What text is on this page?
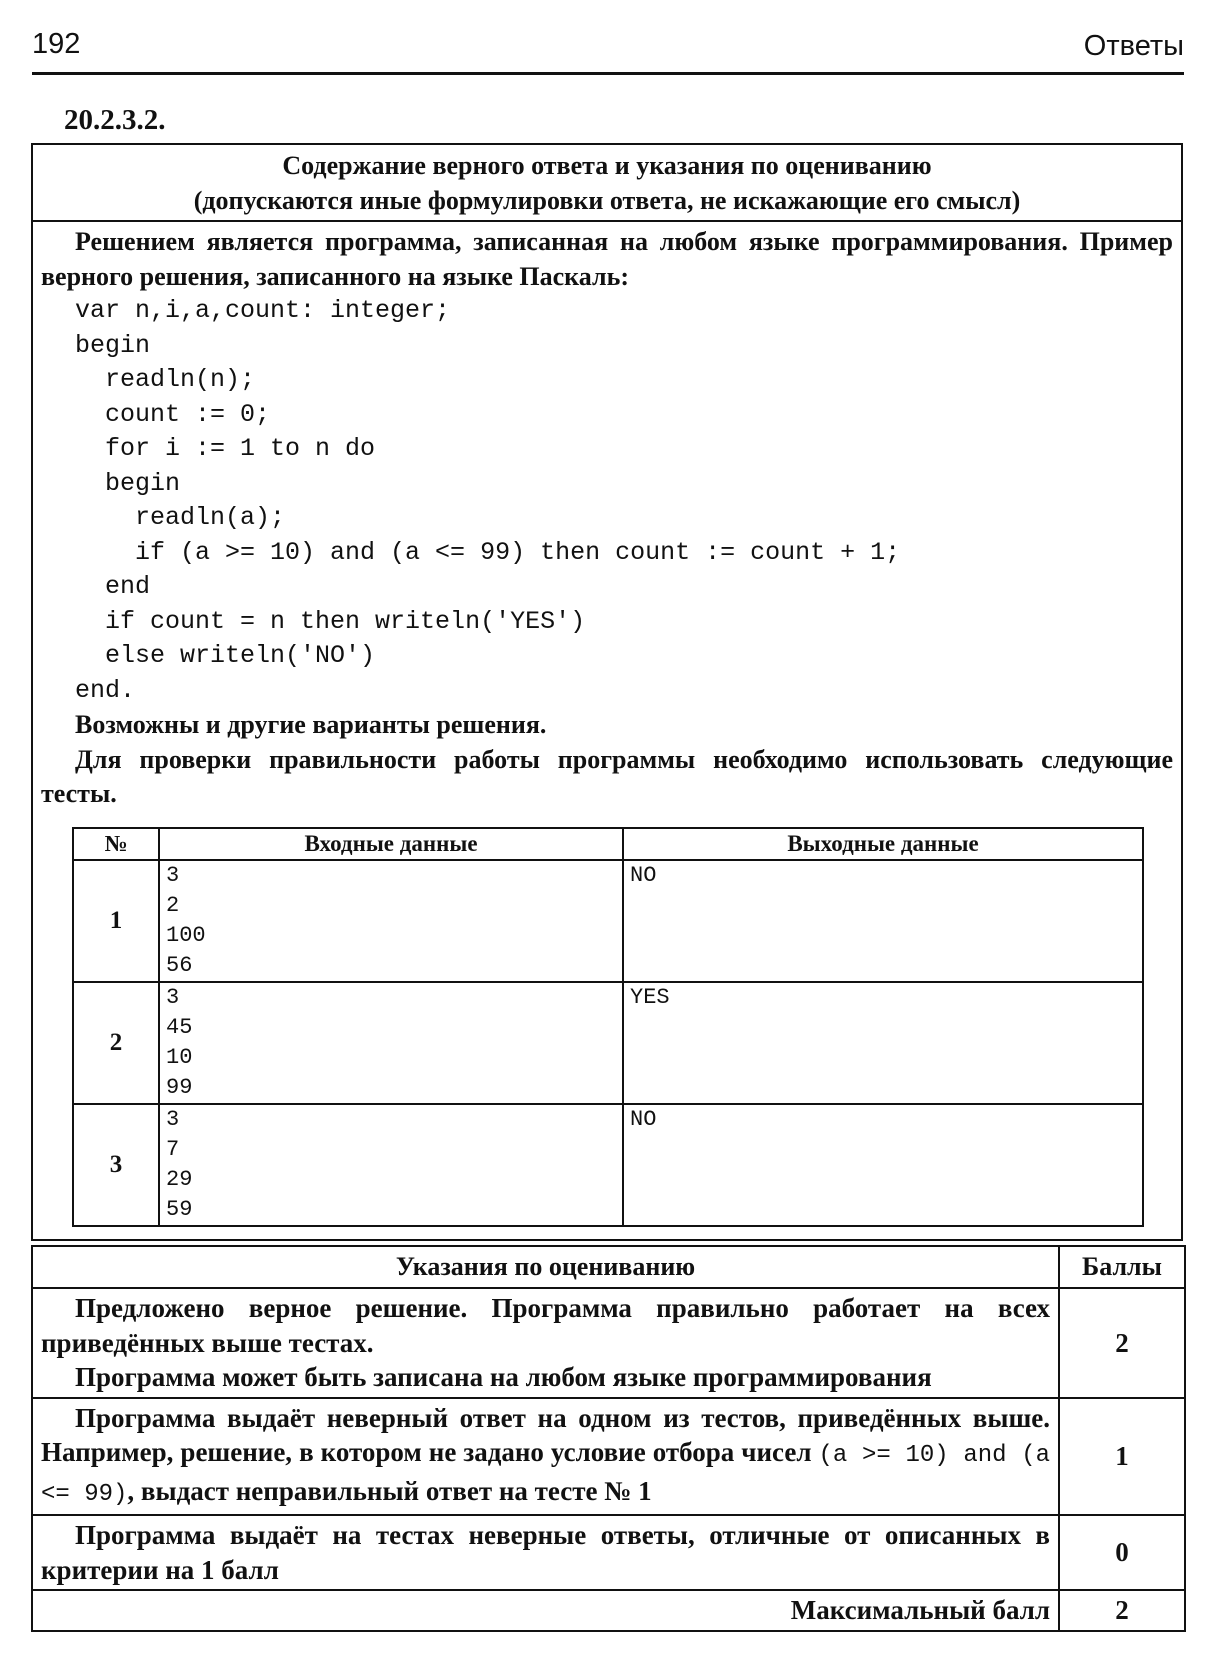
192	Ответы
20.2.3.2.
Содержание верного ответа и указания по оцениванию
(допускаются иные формулировки ответа, не искажающие его смысл)

Решением является программа, записанная на любом языке программирования. Пример верного решения, записанного на языке Паскаль:

var n,i,a,count: integer;
begin
readln(n);
count := 0;
for i := 1 to n do
begin
readln(a);
if (a >= 10) and (a <= 99) then count := count + 1;
end
if count = n then writeln('YES')
else writeln('NO')
end.

Возможны и другие варианты решения.

Для проверки правильности работы программы необходимо использовать следующие тесты.

№	Входные данные	Выходные данные
1	3
2
100
56	NO
2	3
45
10
99	YES
3	3
7
29
59	NO
Указания по оцениванию	Баллы

Предложено верное решение. Программа правильно работает на всех приведённых выше тестах.

Программа может быть записана на любом языке программирования	2

Программа выдаёт неверный ответ на одном из тестов, приведённых выше. Например, решение, в котором не задано условие отбора чисел (a >= 10) and (a <= 99), выдаст неправильный ответ на тесте № 1	1

Программа выдаёт на тестах неверные ответы, отличные от описанных в критерии на 1 балл	0
Максимальный балл	2
